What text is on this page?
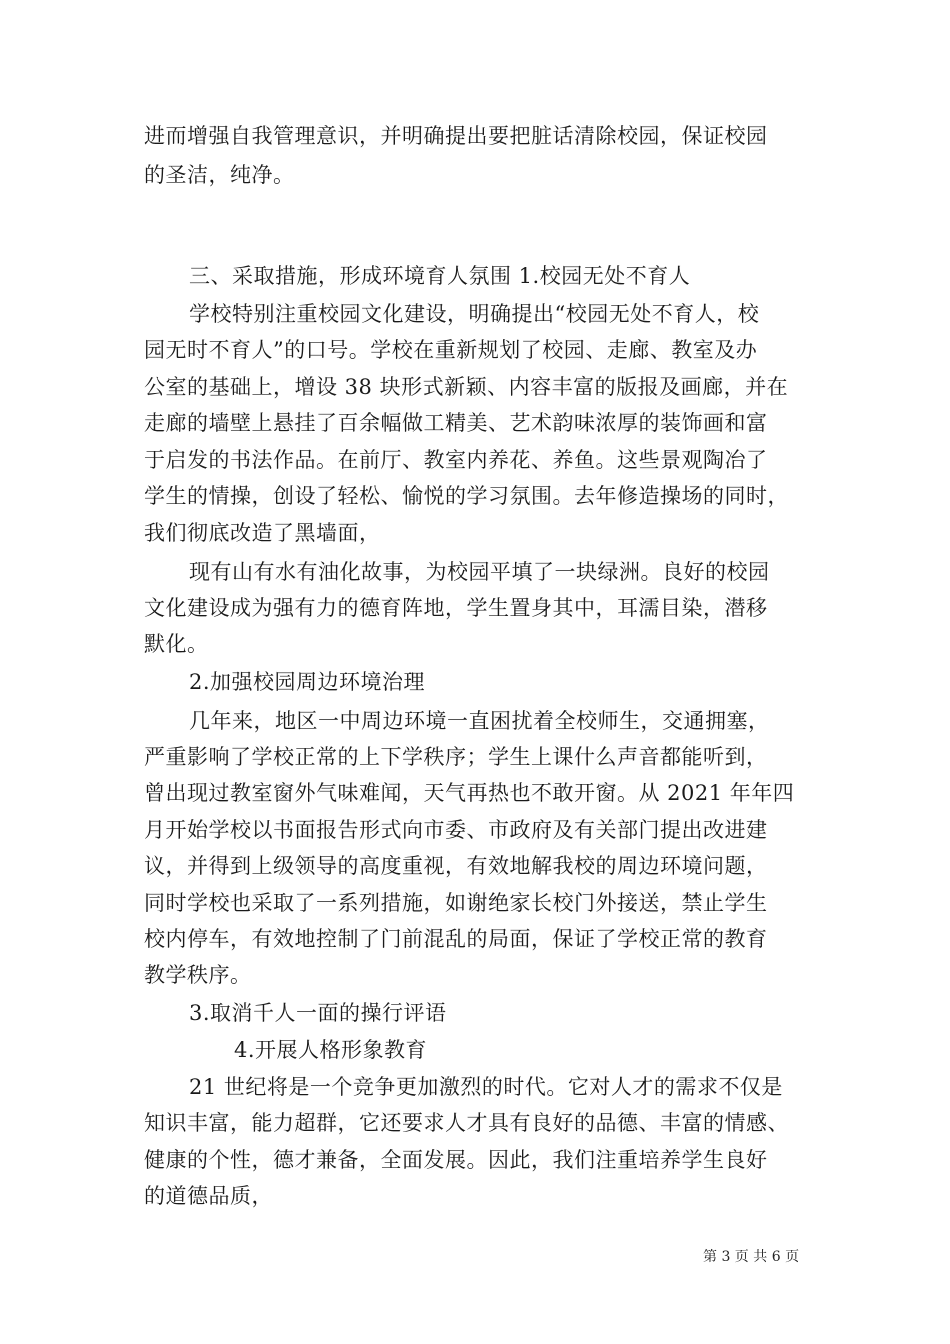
进而增强自我管理意识，并明确提出要把脏话清除校园，保证校园
的圣洁，纯净。
三、采取措施，形成环境育人氛围 1.校园无处不育人
学校特别注重校园文化建设，明确提出“校园无处不育人，校
园无时不育人”的口号。学校在重新规划了校园、走廊、教室及办
公室的基础上，增设 38 块形式新颖、内容丰富的版报及画廊，并在
走廊的墙壁上悬挂了百余幅做工精美、艺术韵味浓厚的装饰画和富
于启发的书法作品。在前厅、教室内养花、养鱼。这些景观陶冶了
学生的情操，创设了轻松、愉悦的学习氛围。去年修造操场的同时，
我们彻底改造了黑墙面，
现有山有水有油化故事，为校园平填了一块绿洲。良好的校园
文化建设成为强有力的德育阵地，学生置身其中，耳濡目染，潜移
默化。
2.加强校园周边环境治理
几年来，地区一中周边环境一直困扰着全校师生，交通拥塞，
严重影响了学校正常的上下学秩序；学生上课什么声音都能听到，
曾出现过教室窗外气味难闻，天气再热也不敢开窗。从 2021 年年四
月开始学校以书面报告形式向市委、市政府及有关部门提出改进建
议，并得到上级领导的高度重视，有效地解我校的周边环境问题，
同时学校也采取了一系列措施，如谢绝家长校门外接送，禁止学生
校内停车，有效地控制了门前混乱的局面，保证了学校正常的教育
教学秩序。
3.取消千人一面的操行评语
4.开展人格形象教育
21 世纪将是一个竞争更加激烈的时代。它对人才的需求不仅是
知识丰富，能力超群，它还要求人才具有良好的品德、丰富的情感、
健康的个性，德才兼备，全面发展。因此，我们注重培养学生良好
的道德品质，
第 3 页 共 6 页
